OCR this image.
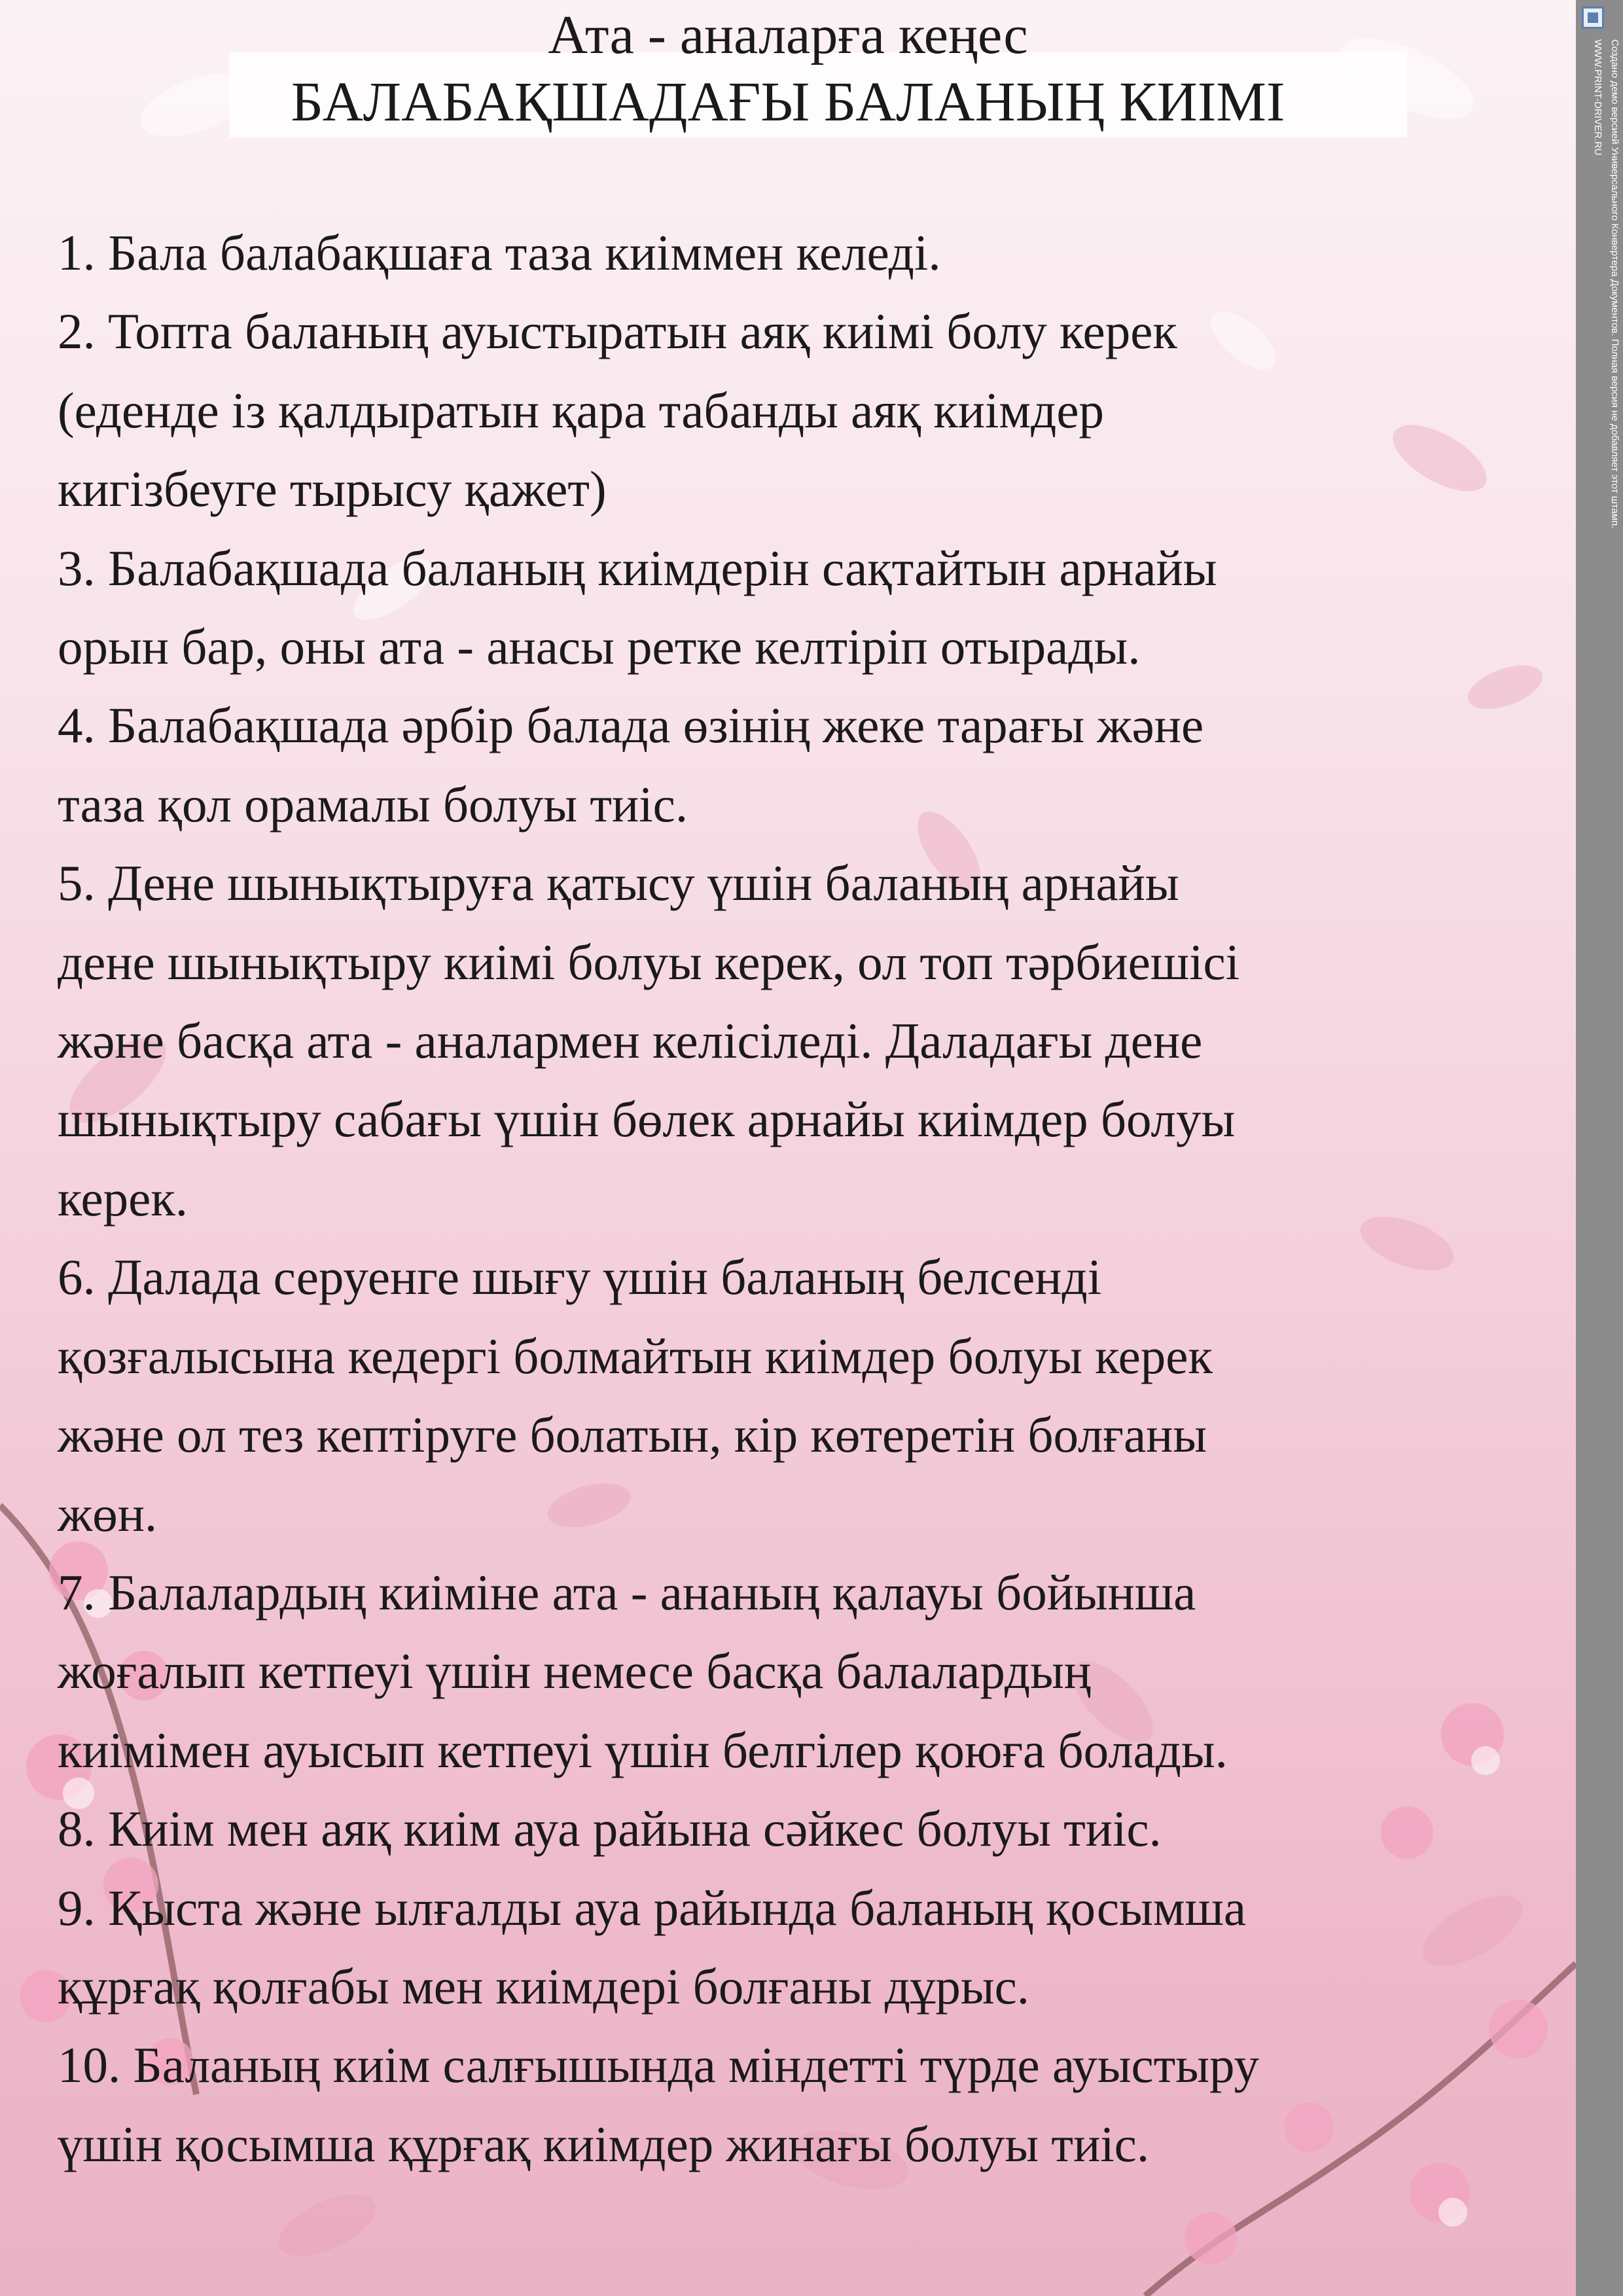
Ата - аналарға кеңес
БАЛАБАҚШАДАҒЫ БАЛАНЫҢ КИІМІ
1. Бала балабақшаға таза киіммен келеді.
2. Топта баланың ауыстыратын аяқ киімі болу керек
(еденде із қалдыратын қара табанды аяқ киімдер
кигізбеуге тырысу қажет)
3. Балабақшада баланың киімдерін сақтайтын арнайы
орын бар, оны ата - анасы ретке келтіріп отырады.
4. Балабақшада әрбір балада өзінің жеке тарағы және
таза қол орамалы болуы тиіс.
5. Дене шынықтыруға қатысу үшін баланың арнайы
дене шынықтыру киімі болуы керек, ол топ тәрбиешісі
және басқа ата - аналармен келісіледі. Даладағы дене
шынықтыру сабағы үшін бөлек арнайы киімдер болуы
керек.
6. Далада серуенге шығу үшін баланың белсенді
қозғалысына кедергі болмайтын киімдер болуы керек
және ол тез кептіруге болатын, кір көтеретін болғаны
жөн.
7. Балалардың киіміне ата - ананың қалауы бойынша
жоғалып кетпеуі үшін немесе басқа балалардың
киімімен ауысып кетпеуі үшін белгілер қоюға болады.
8. Киім мен аяқ киім ауа райына сәйкес болуы тиіс.
9. Қыста және ылғалды ауа райында баланың қосымша
құрғақ қолғабы мен киімдері болғаны дұрыс.
10. Баланың киім салғышында міндетті түрде ауыстыру
үшін қосымша құрғақ киімдер жинағы болуы тиіс.
Создано демо версией Универсального Конвертера Документов. Полная версия не добавляет этот штамп.
WWW.PRINT-DRIVER.RU
